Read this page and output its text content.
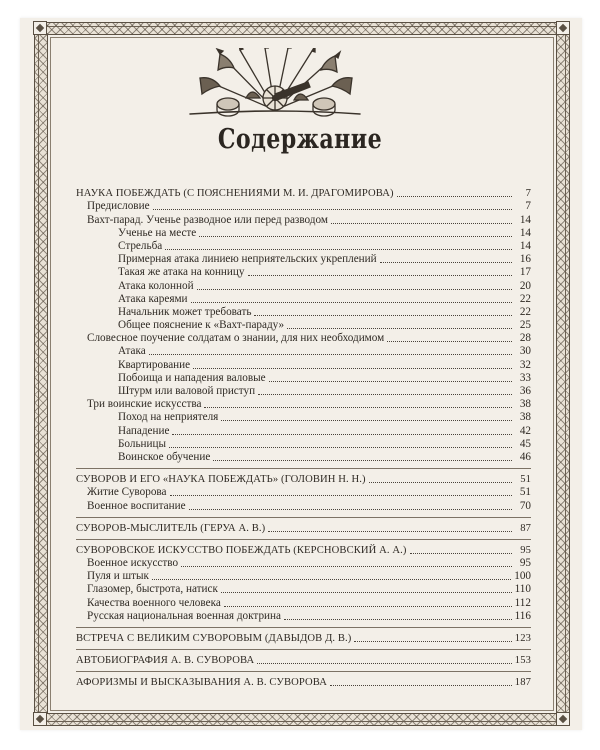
Содержание
НАУКА ПОБЕЖДАТЬ (С ПОЯСНЕНИЯМИ М. И. ДРАГОМИРОВА)	7
Предисловие	7
Вахт-парад. Ученье разводное или перед разводом	14
Ученье на месте	14
Стрельба	14
Примерная атака линиею неприятельских укреплений	16
Такая же атака на конницу	17
Атака колонной	20
Атака карeями	22
Начальник может требовать	22
Общее пояснение к «Вахт-параду»	25
Словесное поучение солдатам о знании, для них необходимом	28
Атака	30
Квартирование	32
Побоища и нападения валовые	33
Штурм или валовой приступ	36
Три воинские искусства	38
Поход на неприятеля	38
Нападение	42
Больницы	45
Воинское обучение	46
СУВОРОВ И ЕГО «НАУКА ПОБЕЖДАТЬ» (ГОЛОВИН Н. Н.)	51
Житие Суворова	51
Военное воспитание	70
СУВОРОВ-МЫСЛИТЕЛЬ (ГЕРУА А. В.)	87
СУВОРОВСКОЕ ИСКУССТВО ПОБЕЖДАТЬ (КЕРСНОВСКИЙ А. А.)	95
Военное искусство	95
Пуля и штык	100
Глазомер, быстрота, натиск	110
Качества военного человека	112
Русская национальная военная доктрина	116
ВСТРЕЧА С ВЕЛИКИМ СУВОРОВЫМ (ДАВЫДОВ Д. В.)	123
АВТОБИОГРАФИЯ А. В. СУВОРОВА	153
АФОРИЗМЫ И ВЫСКАЗЫВАНИЯ А. В. СУВОРОВА	187
